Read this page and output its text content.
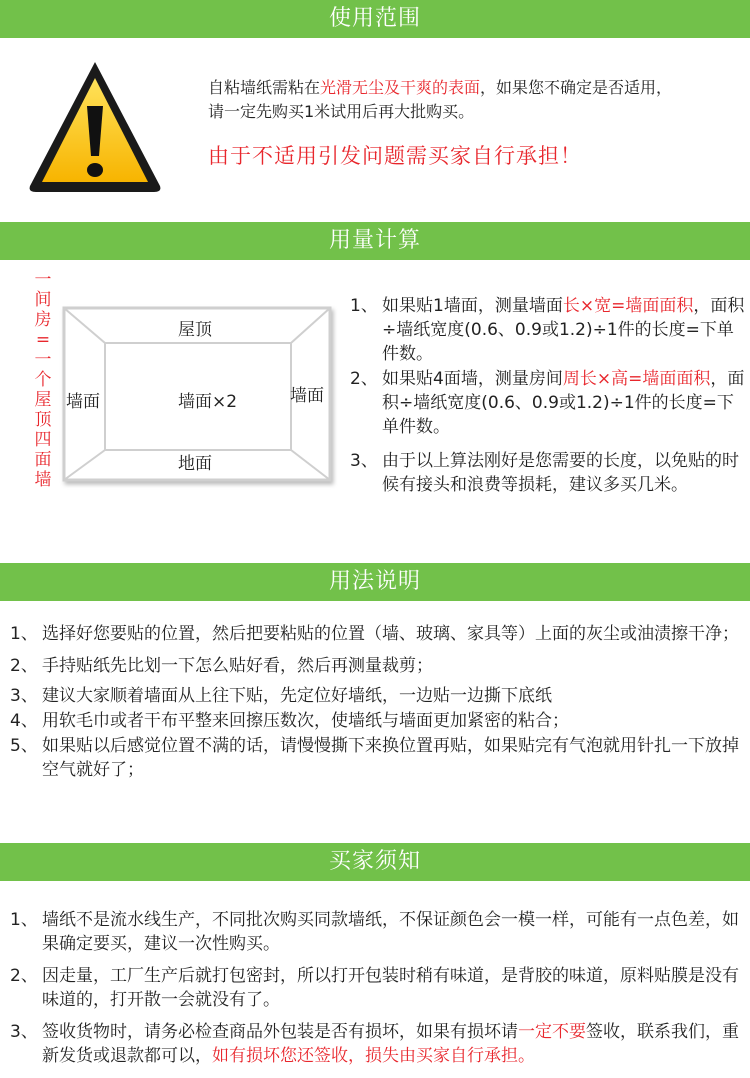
使用范围
自粘墙纸需粘在光滑无尘及干爽的表面，如果您不确定是否适用，
请一定先购买1米试用后再大批购买。
由于不适用引发问题需买家自行承担！
用量计算
一间房=一个屋顶四面墙
屋顶
墙面	墙面
墙面×2
地面
1、 如果贴1墙面，测量墙面长×宽=墙面面积，面积÷墙纸宽度(0.6、0.9或1.2)÷1件的长度=下单件数。
2、 如果贴4面墙，测量房间周长×高=墙面面积，面积÷墙纸宽度(0.6、0.9或1.2)÷1件的长度=下单件数。
3、 由于以上算法刚好是您需要的长度，以免贴的时候有接头和浪费等损耗，建议多买几米。
用法说明
1、 选择好您要贴的位置，然后把要粘贴的位置（墙、玻璃、家具等）上面的灰尘或油渍擦干净；
2、 手持贴纸先比划一下怎么贴好看，然后再测量裁剪；
3、 建议大家顺着墙面从上往下贴，先定位好墙纸，一边贴一边撕下底纸
4、 用软毛巾或者干布平整来回擦压数次，使墙纸与墙面更加紧密的粘合；
5、 如果贴以后感觉位置不满的话，请慢慢撕下来换位置再贴，如果贴完有气泡就用针扎一下放掉空气就好了；
买家须知
1、 墙纸不是流水线生产，不同批次购买同款墙纸，不保证颜色会一模一样，可能有一点色差，如果确定要买，建议一次性购买。
2、 因走量，工厂生产后就打包密封，所以打开包装时稍有味道，是背胶的味道，原料贴膜是没有味道的，打开散一会就没有了。
3、 签收货物时，请务必检查商品外包装是否有损坏，如果有损坏请一定不要签收，联系我们，重新发货或退款都可以，如有损坏您还签收，损失由买家自行承担。
